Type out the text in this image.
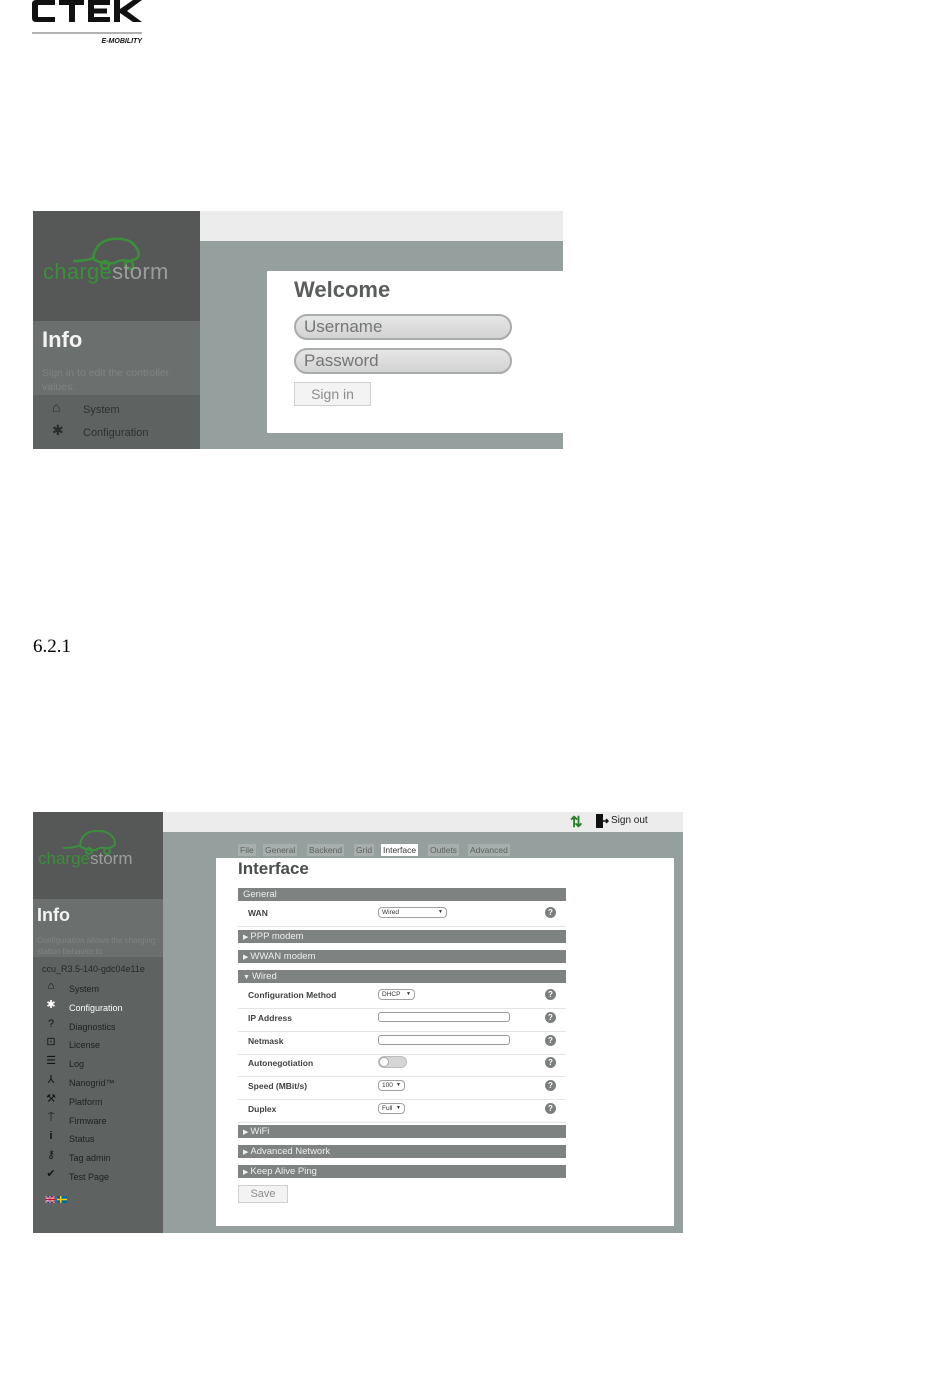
E-MOBILITY
chargestorm
Info
Sign in to edit the controller values.
⌂	System
✱	Configuration
Welcome
Username
Password
Sign in
6.2.1
chargestorm
Info
Configuration allows the charging station behavior to
ccu_R3.5-140-gdc04e11e
⌂ System
✱ Configuration
?	Diagnostics
⊡ License
☰ Log
⅄ Nanogrid™
⚒ Platform
⍑	Firmware
i	Status
⚷ Tag admin
✔ Test Page
⇅	Sign out
File General Backend Grid Interface Outlets Advanced
Interface
General
WAN	Wired	▼	?
▶ PPP modem
▶ WWAN modem
▼ Wired
Configuration Method	DHCP ▼	?
IP Address	?
Netmask	?
Autonegotiation	?
Speed (MBit/s)	100 ▼	?
Duplex	Full ▼	?
▶ WiFi
▶ Advanced Network
▶ Keep Alive Ping
Save
